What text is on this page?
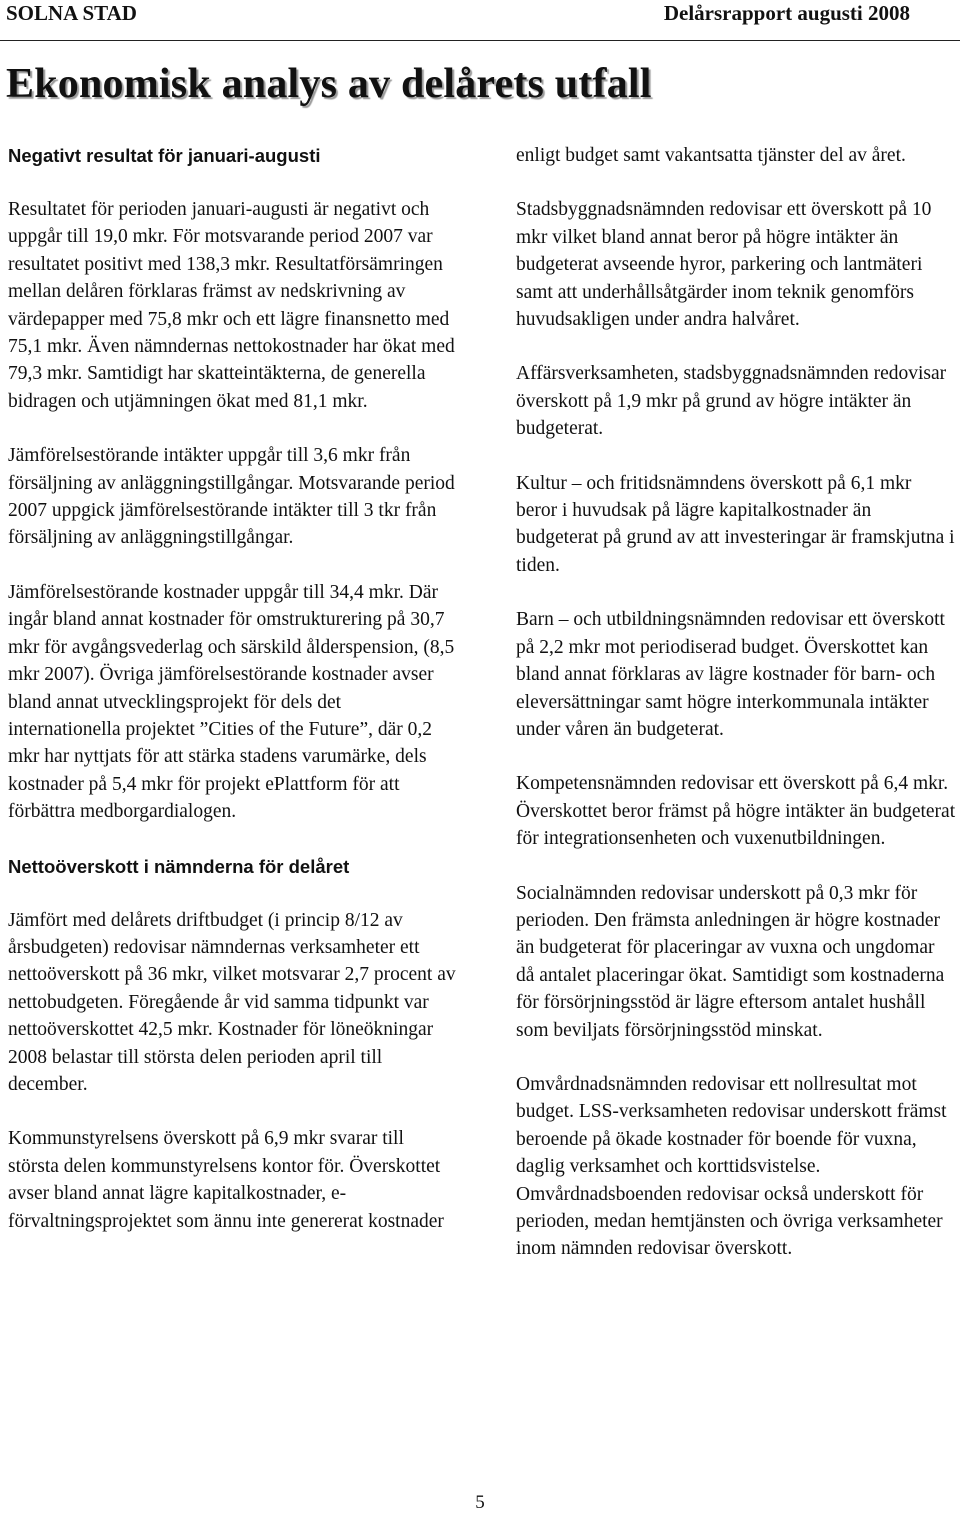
SOLNA STAD	Delårsrapport augusti 2008
Ekonomisk analys av delårets utfall
Negativt resultat för januari-augusti

Resultatet för perioden januari-augusti är negativt och uppgår till 19,0 mkr. För motsvarande period 2007 var resultatet positivt med 138,3 mkr. Resultatförsämringen mellan delåren förklaras främst av nedskrivning av värdepapper med 75,8 mkr och ett lägre finansnetto med 75,1 mkr. Även nämndernas nettokostnader har ökat med 79,3 mkr. Samtidigt har skatteintäkterna, de generella bidragen och utjämningen ökat med 81,1 mkr.

Jämförelsestörande intäkter uppgår till 3,6 mkr från försäljning av anläggningstillgångar. Motsvarande period 2007 uppgick jämförelsestörande intäkter till 3 tkr från försäljning av anläggningstillgångar.

Jämförelsestörande kostnader uppgår till 34,4 mkr. Där ingår bland annat kostnader för omstrukturering på 30,7 mkr för avgångsvederlag och särskild ålderspension, (8,5 mkr 2007). Övriga jämförelsestörande kostnader avser bland annat utvecklingsprojekt för dels det internationella projektet ”Cities of the Future”, där 0,2 mkr har nyttjats för att stärka stadens varumärke, dels kostnader på 5,4 mkr för projekt ePlattform för att förbättra medborgardialogen.

Nettoöverskott i nämnderna för delåret

Jämfört med delårets driftbudget (i princip 8/12 av årsbudgeten) redovisar nämndernas verksamheter ett nettoöverskott på 36 mkr, vilket motsvarar 2,7 procent av nettobudgeten. Föregående år vid samma tidpunkt var nettoöverskottet 42,5 mkr. Kostnader för löneökningar 2008 belastar till största delen perioden april till december.

Kommunstyrelsens överskott på 6,9 mkr svarar till största delen kommunstyrelsens kontor för. Överskottet avser bland annat lägre kapitalkostnader, e-förvaltningsprojektet som ännu inte genererat kostnader

enligt budget samt vakantsatta tjänster del av året.

Stadsbyggnadsnämnden redovisar ett överskott på 10 mkr vilket bland annat beror på högre intäkter än budgeterat avseende hyror, parkering och lantmäteri samt att underhållsåtgärder inom teknik genomförs huvudsakligen under andra halvåret.

Affärsverksamheten, stadsbyggnadsnämnden redovisar överskott på 1,9 mkr på grund av högre intäkter än budgeterat.

Kultur – och fritidsnämndens överskott på 6,1 mkr beror i huvudsak på lägre kapitalkostnader än budgeterat på grund av att investeringar är framskjutna i tiden.

Barn – och utbildningsnämnden redovisar ett överskott på 2,2 mkr mot periodiserad budget. Överskottet kan bland annat förklaras av lägre kostnader för barn- och eleversättningar samt högre interkommunala intäkter under våren än budgeterat.

Kompetensnämnden redovisar ett överskott på 6,4 mkr. Överskottet beror främst på högre intäkter än budgeterat för integrationsenheten och vuxenutbildningen.

Socialnämnden redovisar underskott på 0,3 mkr för perioden. Den främsta anledningen är högre kostnader än budgeterat för placeringar av vuxna och ungdomar då antalet placeringar ökat. Samtidigt som kostnaderna för försörjningsstöd är lägre eftersom antalet hushåll som beviljats försörjningsstöd minskat.

Omvårdnadsnämnden redovisar ett nollresultat mot budget. LSS-verksamheten redovisar underskott främst beroende på ökade kostnader för boende för vuxna, daglig verksamhet och korttidsvistelse. Omvårdnadsboenden redovisar också underskott för perioden, medan hemtjänsten och övriga verksamheter inom nämnden redovisar överskott.

5
